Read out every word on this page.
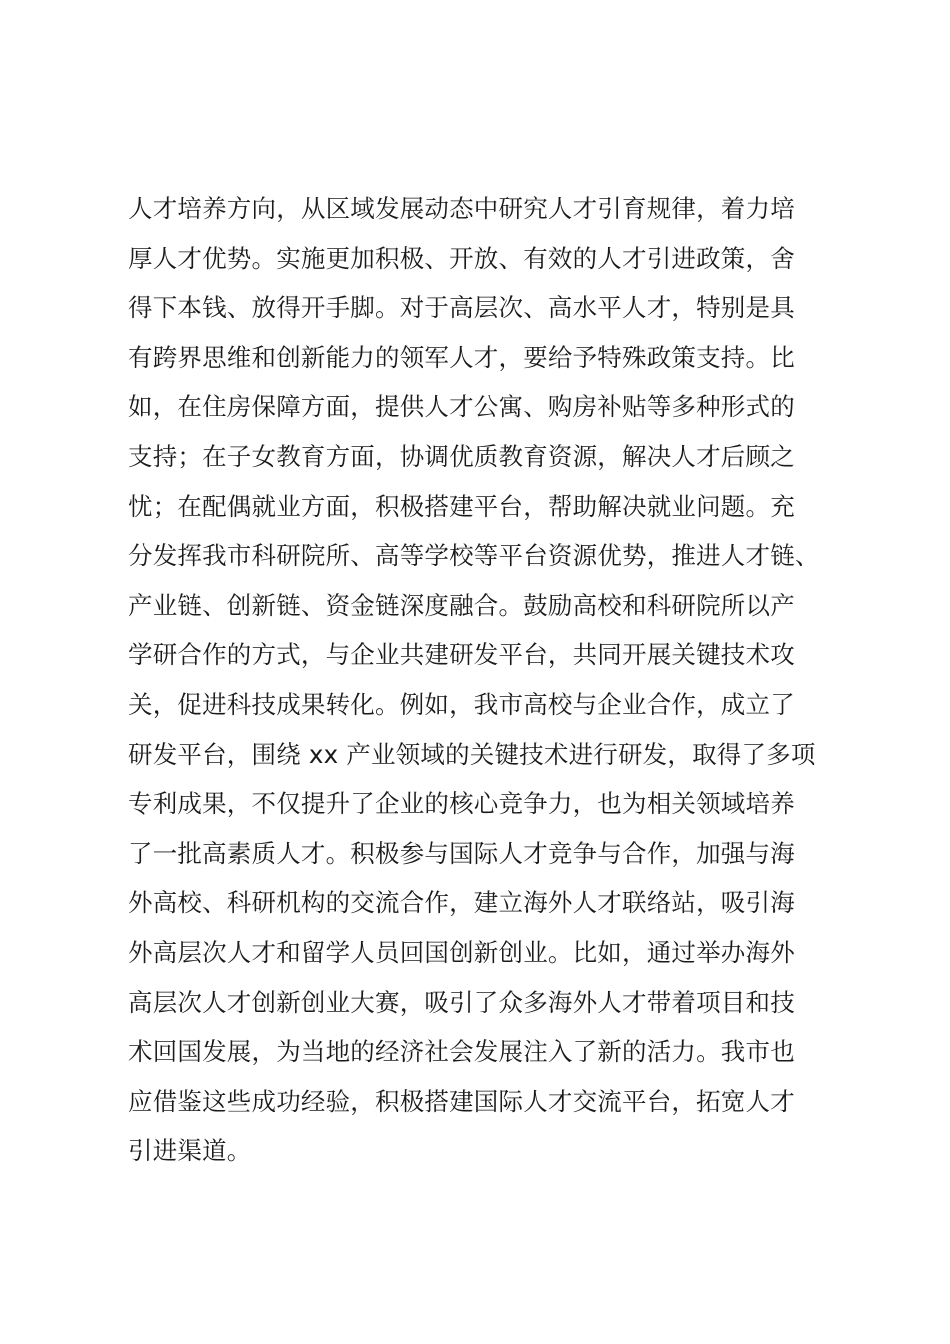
人才培养方向，从区域发展动态中研究人才引育规律，着力培
厚人才优势。实施更加积极、开放、有效的人才引进政策，舍
得下本钱、放得开手脚。对于高层次、高水平人才，特别是具
有跨界思维和创新能力的领军人才，要给予特殊政策支持。比
如，在住房保障方面，提供人才公寓、购房补贴等多种形式的
支持；在子女教育方面，协调优质教育资源，解决人才后顾之
忧；在配偶就业方面，积极搭建平台，帮助解决就业问题。充
分发挥我市科研院所、高等学校等平台资源优势，推进人才链、
产业链、创新链、资金链深度融合。鼓励高校和科研院所以产
学研合作的方式，与企业共建研发平台，共同开展关键技术攻
关，促进科技成果转化。例如，我市高校与企业合作，成立了
研发平台，围绕 xx 产业领域的关键技术进行研发，取得了多项
专利成果，不仅提升了企业的核心竞争力，也为相关领域培养
了一批高素质人才。积极参与国际人才竞争与合作，加强与海
外高校、科研机构的交流合作，建立海外人才联络站，吸引海
外高层次人才和留学人员回国创新创业。比如，通过举办海外
高层次人才创新创业大赛，吸引了众多海外人才带着项目和技
术回国发展，为当地的经济社会发展注入了新的活力。我市也
应借鉴这些成功经验，积极搭建国际人才交流平台，拓宽人才
引进渠道。
